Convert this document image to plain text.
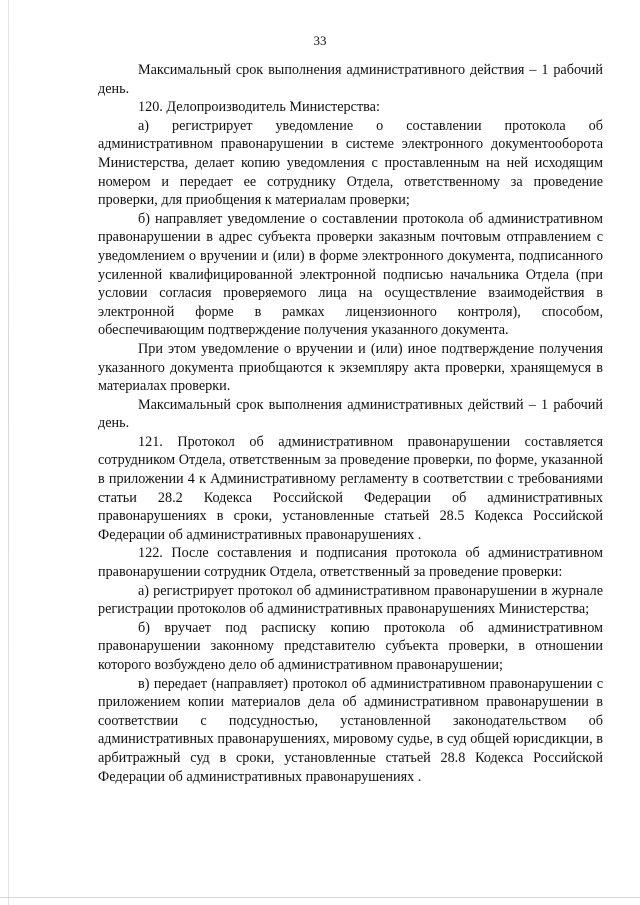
33

Максимальный срок выполнения административного действия – 1 рабочий день.

120. Делопроизводитель Министерства:

а) регистрирует уведомление о составлении протокола об административном правонарушении в системе электронного документооборота Министерства, делает копию уведомления с проставленным на ней исходящим номером и передает ее сотруднику Отдела, ответственному за проведение проверки, для приобщения к материалам проверки;

б) направляет уведомление о составлении протокола об административном правонарушении в адрес субъекта проверки заказным почтовым отправлением с уведомлением о вручении и (или) в форме электронного документа, подписанного усиленной квалифицированной электронной подписью начальника Отдела (при условии согласия проверяемого лица на осуществление взаимодействия в электронной форме в рамках лицензионного контроля), способом, обеспечивающим подтверждение получения указанного документа.

При этом уведомление о вручении и (или) иное подтверждение получения указанного документа приобщаются к экземпляру акта проверки, хранящемуся в материалах проверки.

Максимальный срок выполнения административных действий – 1 рабочий день.

121. Протокол об административном правонарушении составляется сотрудником Отдела, ответственным за проведение проверки, по форме, указанной в приложении 4 к Административному регламенту в соответствии с требованиями статьи 28.2 Кодекса Российской Федерации об административных правонарушениях в сроки, установленные статьей 28.5 Кодекса Российской Федерации об административных правонарушениях .

122. После составления и подписания протокола об административном правонарушении сотрудник Отдела, ответственный за проведение проверки:

а) регистрирует протокол об административном правонарушении в журнале регистрации протоколов об административных правонарушениях Министерства;

б) вручает под расписку копию протокола об административном правонарушении законному представителю субъекта проверки, в отношении которого возбуждено дело об административном правонарушении;

в) передает (направляет) протокол об административном правонарушении с приложением копии материалов дела об административном правонарушении в соответствии с подсудностью, установленной законодательством об административных правонарушениях, мировому судье, в суд общей юрисдикции, в арбитражный суд в сроки, установленные статьей 28.8 Кодекса Российской Федерации об административных правонарушениях .
